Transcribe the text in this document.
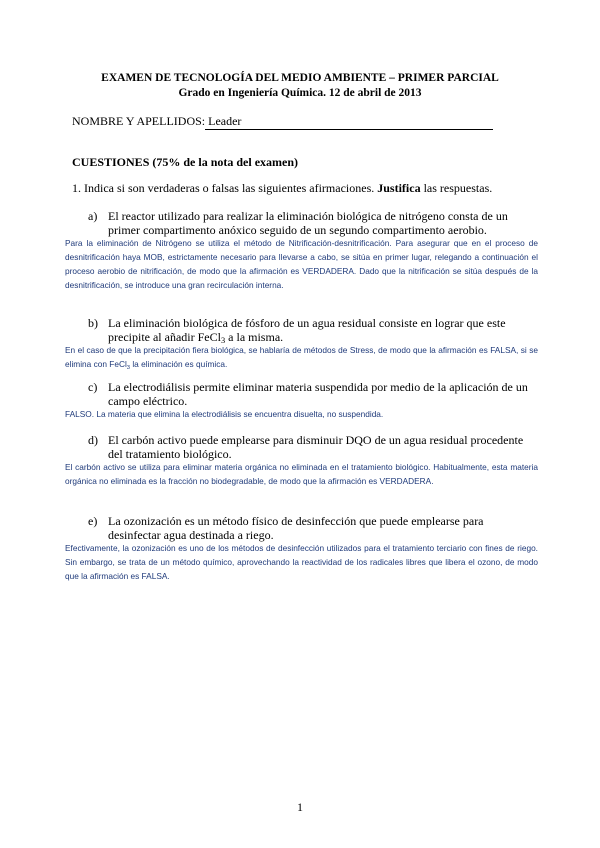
EXAMEN DE TECNOLOGÍA DEL MEDIO AMBIENTE – PRIMER PARCIAL
Grado en Ingeniería Química. 12 de abril de 2013
NOMBRE Y APELLIDOS: Leader
CUESTIONES (75% de la nota del examen)
1. Indica si son verdaderas o falsas las siguientes afirmaciones. Justifica las respuestas.
a) El reactor utilizado para realizar la eliminación biológica de nitrógeno consta de un primer compartimento anóxico seguido de un segundo compartimento aerobio.
Para la eliminación de Nitrógeno se utiliza el método de Nitrificación-desnitrificación. Para asegurar que en el proceso de desnitrificación haya MOB, estrictamente necesario para llevarse a cabo, se sitúa en primer lugar, relegando a continuación el proceso aerobio de nitrificación, de modo que la afirmación es VERDADERA. Dado que la nitrificación se sitúa después de la desnitrificación, se introduce una gran recirculación interna.
b) La eliminación biológica de fósforo de un agua residual consiste en lograr que este precipite al añadir FeCl$_3$ a la misma.
En el caso de que la precipitación fiera biológica, se hablaría de métodos de Stress, de modo que la afirmación es FALSA, si se elimina con FeCl$_3$ la eliminación es química.
c) La electrodiálisis permite eliminar materia suspendida por medio de la aplicación de un campo eléctrico.
FALSO. La materia que elimina la electrodiálisis se encuentra disuelta, no suspendida.
d) El carbón activo puede emplearse para disminuir DQO de un agua residual procedente del tratamiento biológico.
El carbón activo se utiliza para eliminar materia orgánica no eliminada en el tratamiento biológico. Habitualmente, esta materia orgánica no eliminada es la fracción no biodegradable, de modo que la afirmación es VERDADERA.
e) La ozonización es un método físico de desinfección que puede emplearse para desinfectar agua destinada a riego.
Efectivamente, la ozonización es uno de los métodos de desinfección utilizados para el tratamiento terciario con fines de riego. Sin embargo, se trata de un método químico, aprovechando la reactividad de los radicales libres que libera el ozono, de modo que la afirmación es FALSA.
1
